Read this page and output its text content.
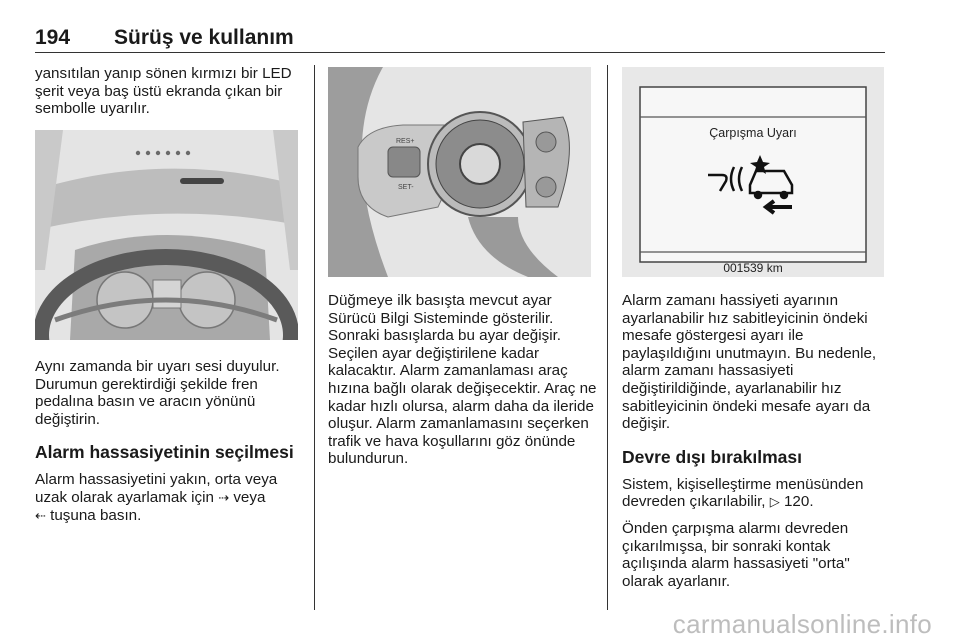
194 Sürüş ve kullanım

yansıtılan yanıp sönen kırmızı bir LED şerit veya baş üstü ekranda çıkan bir sembolle uyarılır.

Aynı zamanda bir uyarı sesi duyulur. Durumun gerektirdiği şekilde fren pedalına basın ve aracın yönünü değiştirin.

Alarm hassasiyetinin seçilmesi

Alarm hassasiyetini yakın, orta veya uzak olarak ayarlamak için ⇢ veya
⇠ tuşuna basın.

RES+
SET-

Düğmeye ilk basışta mevcut ayar Sürücü Bilgi Sisteminde gösterilir. Sonraki basışlarda bu ayar değişir. Seçilen ayar değiştirilene kadar kalacaktır. Alarm zamanlaması araç hızına bağlı olarak değişecektir. Araç ne kadar hızlı olursa, alarm daha da ileride oluşur. Alarm zamanlamasını seçerken trafik ve hava koşullarını göz önünde bulundurun.

Çarpışma Uyarı
001539 km

Alarm zamanı hassiyeti ayarının ayarlanabilir hız sabitleyicinin öndeki mesafe göstergesi ayarı ile paylaşıldığını unutmayın. Bu nedenle, alarm zamanı hassasiyeti değiştirildiğinde, ayarlanabilir hız sabitleyicinin öndeki mesafe ayarı da değişir.

Devre dışı bırakılması

Sistem, kişiselleştirme menüsünden devreden çıkarılabilir, ▷ 120.

Önden çarpışma alarmı devreden çıkarılmışsa, bir sonraki kontak açılışında alarm hassasiyeti "orta" olarak ayarlanır.

carmanualsonline.info
